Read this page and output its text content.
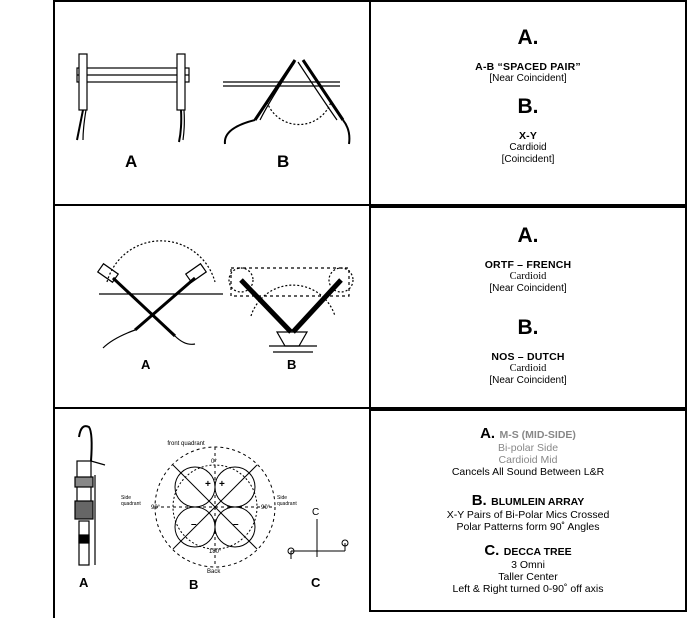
A	B
A.
A-B “SPACED PAIR”
[Near Coincident]
B.
X-Y
Cardioid
[Coincident]
A	B
A.
ORTF – FRENCH
Cardioid
[Near Coincident]
B.
NOS – DUTCH
Cardioid
[Near Coincident]
front quadrant
Side quadrant
Side quadrant
Back
+ +
–	–
0°
90°	90°
180°
C
A	B	C
A. M-S (MID-SIDE)
Bi-polar Side
Cardioid Mid
Cancels All Sound Between L&R
B. BLUMLEIN ARRAY
X-Y Pairs of Bi-Polar Mics Crossed
Polar Patterns form 90˚ Angles
C. DECCA TREE
3 Omni
Taller Center
Left & Right turned 0-90˚ off axis
